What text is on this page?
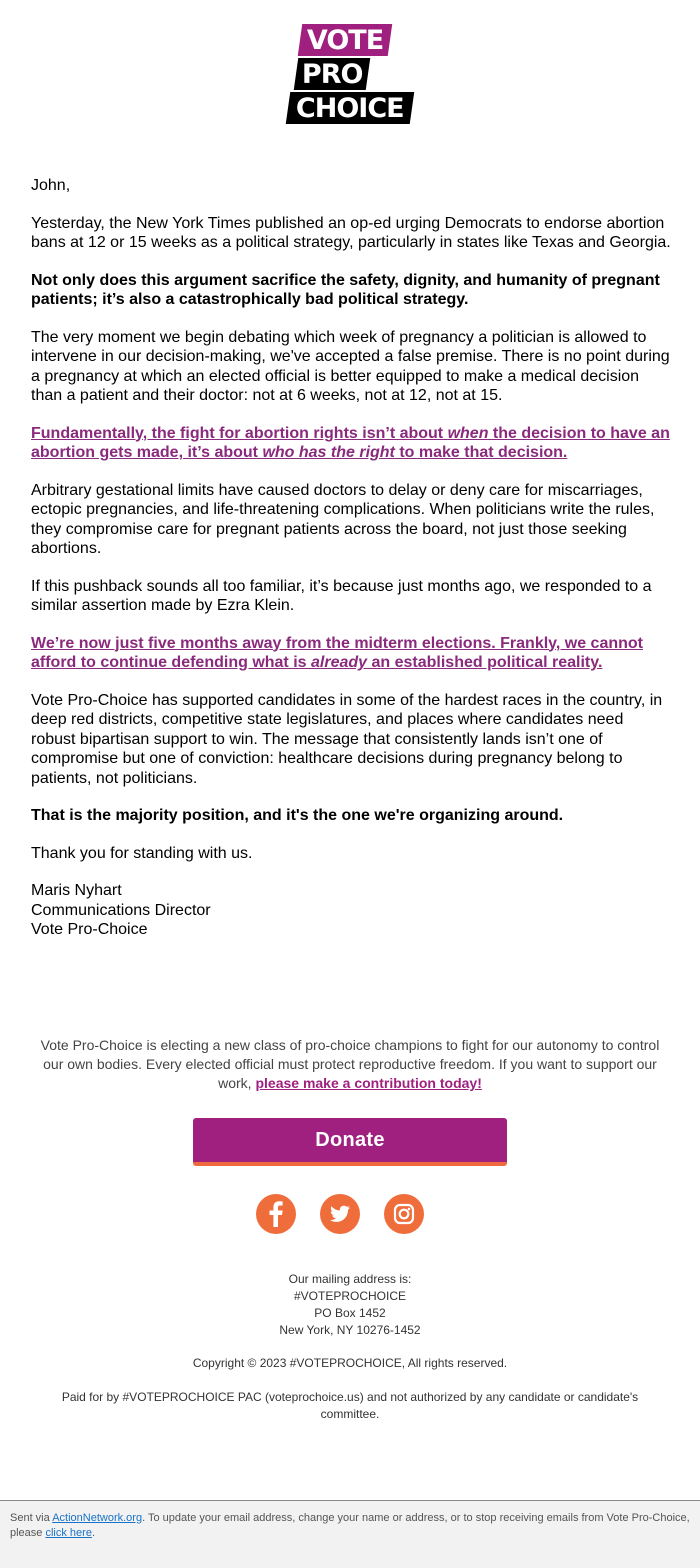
VOTE
PRO
CHOICE

John,

Yesterday, the New York Times published an op-ed urging Democrats to endorse abortion bans at 12 or 15 weeks as a political strategy, particularly in states like Texas and Georgia.

Not only does this argument sacrifice the safety, dignity, and humanity of pregnant patients; it’s also a catastrophically bad political strategy.

The very moment we begin debating which week of pregnancy a politician is allowed to intervene in our decision-making, we've accepted a false premise. There is no point during a pregnancy at which an elected official is better equipped to make a medical decision than a patient and their doctor: not at 6 weeks, not at 12, not at 15.

Fundamentally, the fight for abortion rights isn’t about when the decision to have an abortion gets made, it’s about who has the right to make that decision.

Arbitrary gestational limits have caused doctors to delay or deny care for miscarriages, ectopic pregnancies, and life-threatening complications. When politicians write the rules, they compromise care for pregnant patients across the board, not just those seeking abortions.

If this pushback sounds all too familiar, it’s because just months ago, we responded to a similar assertion made by Ezra Klein.

We’re now just five months away from the midterm elections. Frankly, we cannot afford to continue defending what is already an established political reality.

Vote Pro-Choice has supported candidates in some of the hardest races in the country, in deep red districts, competitive state legislatures, and places where candidates need robust bipartisan support to win. The message that consistently lands isn’t one of compromise but one of conviction: healthcare decisions during pregnancy belong to patients, not politicians.

That is the majority position, and it's the one we're organizing around.

Thank you for standing with us.

Maris Nyhart

Communications Director

Vote Pro-Choice

Vote Pro-Choice is electing a new class of pro-choice champions to fight for our autonomy to control our own bodies. Every elected official must protect reproductive freedom. If you want to support our work, please make a contribution today!
Donate
Our mailing address is:
#VOTEPROCHOICE
PO Box 1452
New York, NY 10276-1452
Copyright © 2023 #VOTEPROCHOICE, All rights reserved.
Paid for by #VOTEPROCHOICE PAC (voteprochoice.us) and not authorized by any candidate or candidate's committee.
Sent via ActionNetwork.org. To update your email address, change your name or address, or to stop receiving emails from Vote Pro-Choice, please click here.
